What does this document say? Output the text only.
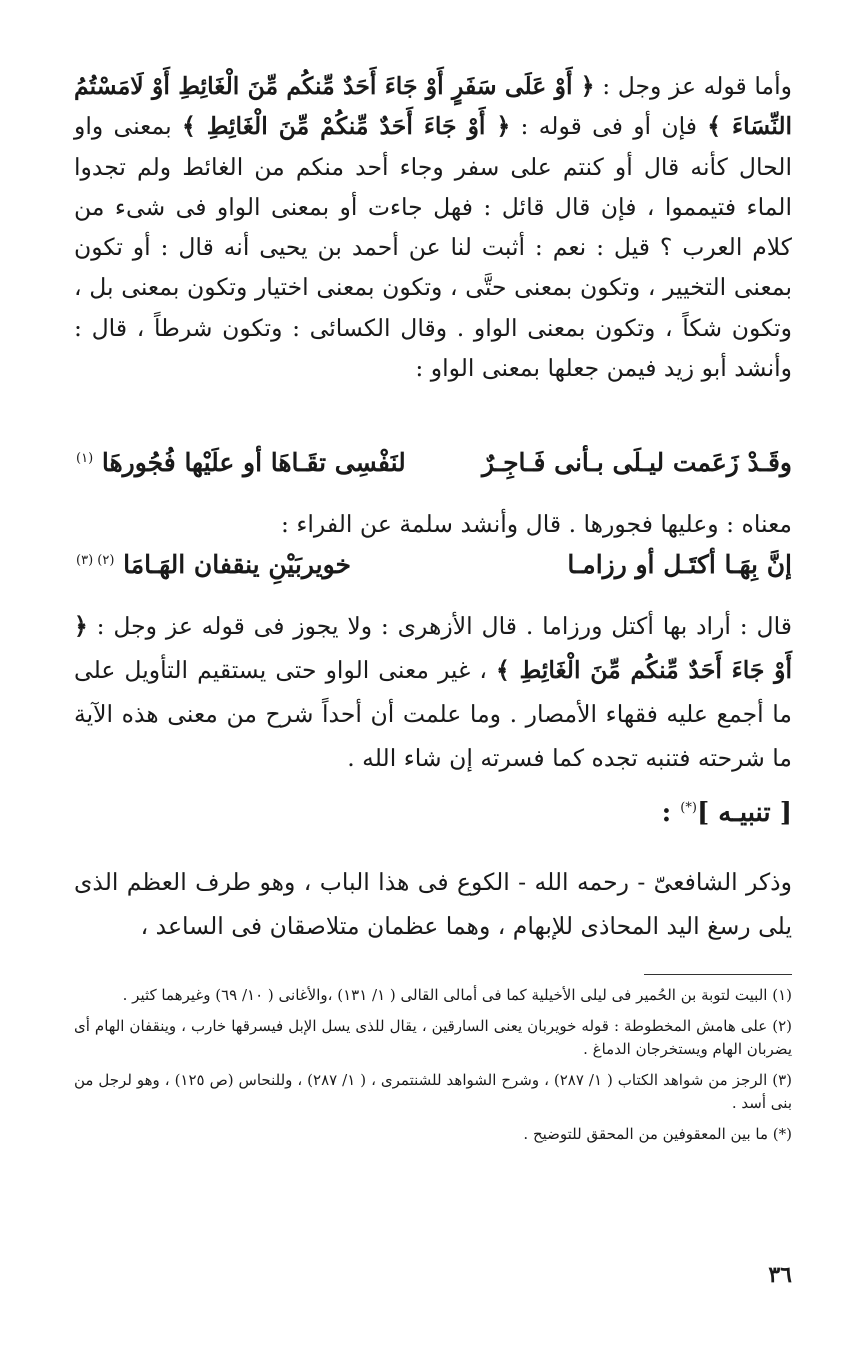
وأما قوله عز وجل : ﴿ أَوْ عَلَى سَفَرٍ أَوْ جَاءَ أَحَدٌ مِّنكُم مِّنَ الْغَائِطِ أَوْ لَامَسْتُمُ النِّسَاءَ ﴾ فإن أو فى قوله : ﴿ أَوْ جَاءَ أَحَدٌ مِّنكُمْ مِّنَ الْغَائِطِ ﴾ بمعنى واو الحال كأنه قال أو كنتم على سفر وجاء أحد منكم من الغائط ولم تجدوا الماء فتيمموا ، فإن قال قائل : فهل جاءت أو بمعنى الواو فى شىء من كلام العرب ؟ قيل : نعم : أثبت لنا عن أحمد بن يحيى أنه قال : أو تكون بمعنى التخيير ، وتكون بمعنى حتَّى ، وتكون بمعنى اختيار وتكون بمعنى بل ، وتكون شكاً ، وتكون بمعنى الواو . وقال الكسائى : وتكون شرطاً ، قال : وأنشد أبو زيد فيمن جعلها بمعنى الواو :

وقَـدْ زَعَمت ليـلَى بـأنى فَـاجِـرٌ
لنَفْسِى تقَـاهَا أو علَيْها فُجُورهَا $^{(١)}$
معناه : وعليها فجورها . قال وأنشد سلمة عن الفراء :
إنَّ بِهَـا أكتَـل أو رزامـا
خويربَيْنِ ينقفان الهَـامَا $^{(٢) (٣)}$

قال : أراد بها أكتل ورزاما . قال الأزهرى : ولا يجوز فى قوله عز وجل : ﴿ أَوْ جَاءَ أَحَدٌ مِّنكُم مِّنَ الْغَائِطِ ﴾ ، غير معنى الواو حتى يستقيم التأويل على ما أجمع عليه فقهاء الأمصار . وما علمت أن أحداً شرح من معنى هذه الآية ما شرحته فتنبه تجده كما فسرته إن شاء الله .

[ تنبيـه ](*) :

وذكر الشافعىّ - رحمه الله - الكوع فى هذا الباب ، وهو طرف العظم الذى يلى رسغ اليد المحاذى للإبهام ، وهما عظمان متلاصقان فى الساعد ،

(١) البيت لتوبة بن الحُمير فى ليلى الأخيلية كما فى أمالى القالى ( ١/ ١٣١) ،والأغانى ( ١٠/ ٦٩) وغيرهما كثير .

(٢) على هامش المخطوطة : قوله خويربان يعنى السارقين ، يقال للذى يسل الإبل فيسرقها خارب ، وينقفان الهام أى يضربان الهام ويستخرجان الدماغ .

(٣) الرجز من شواهد الكتاب ( ١/ ٢٨٧) ، وشرح الشواهد للشنتمرى ، ( ١/ ٢٨٧) ، وللنحاس (ص ١٢٥) ، وهو لرجل من بنى أسد .

(*) ما بين المعقوفين من المحقق للتوضيح .

٣٦
